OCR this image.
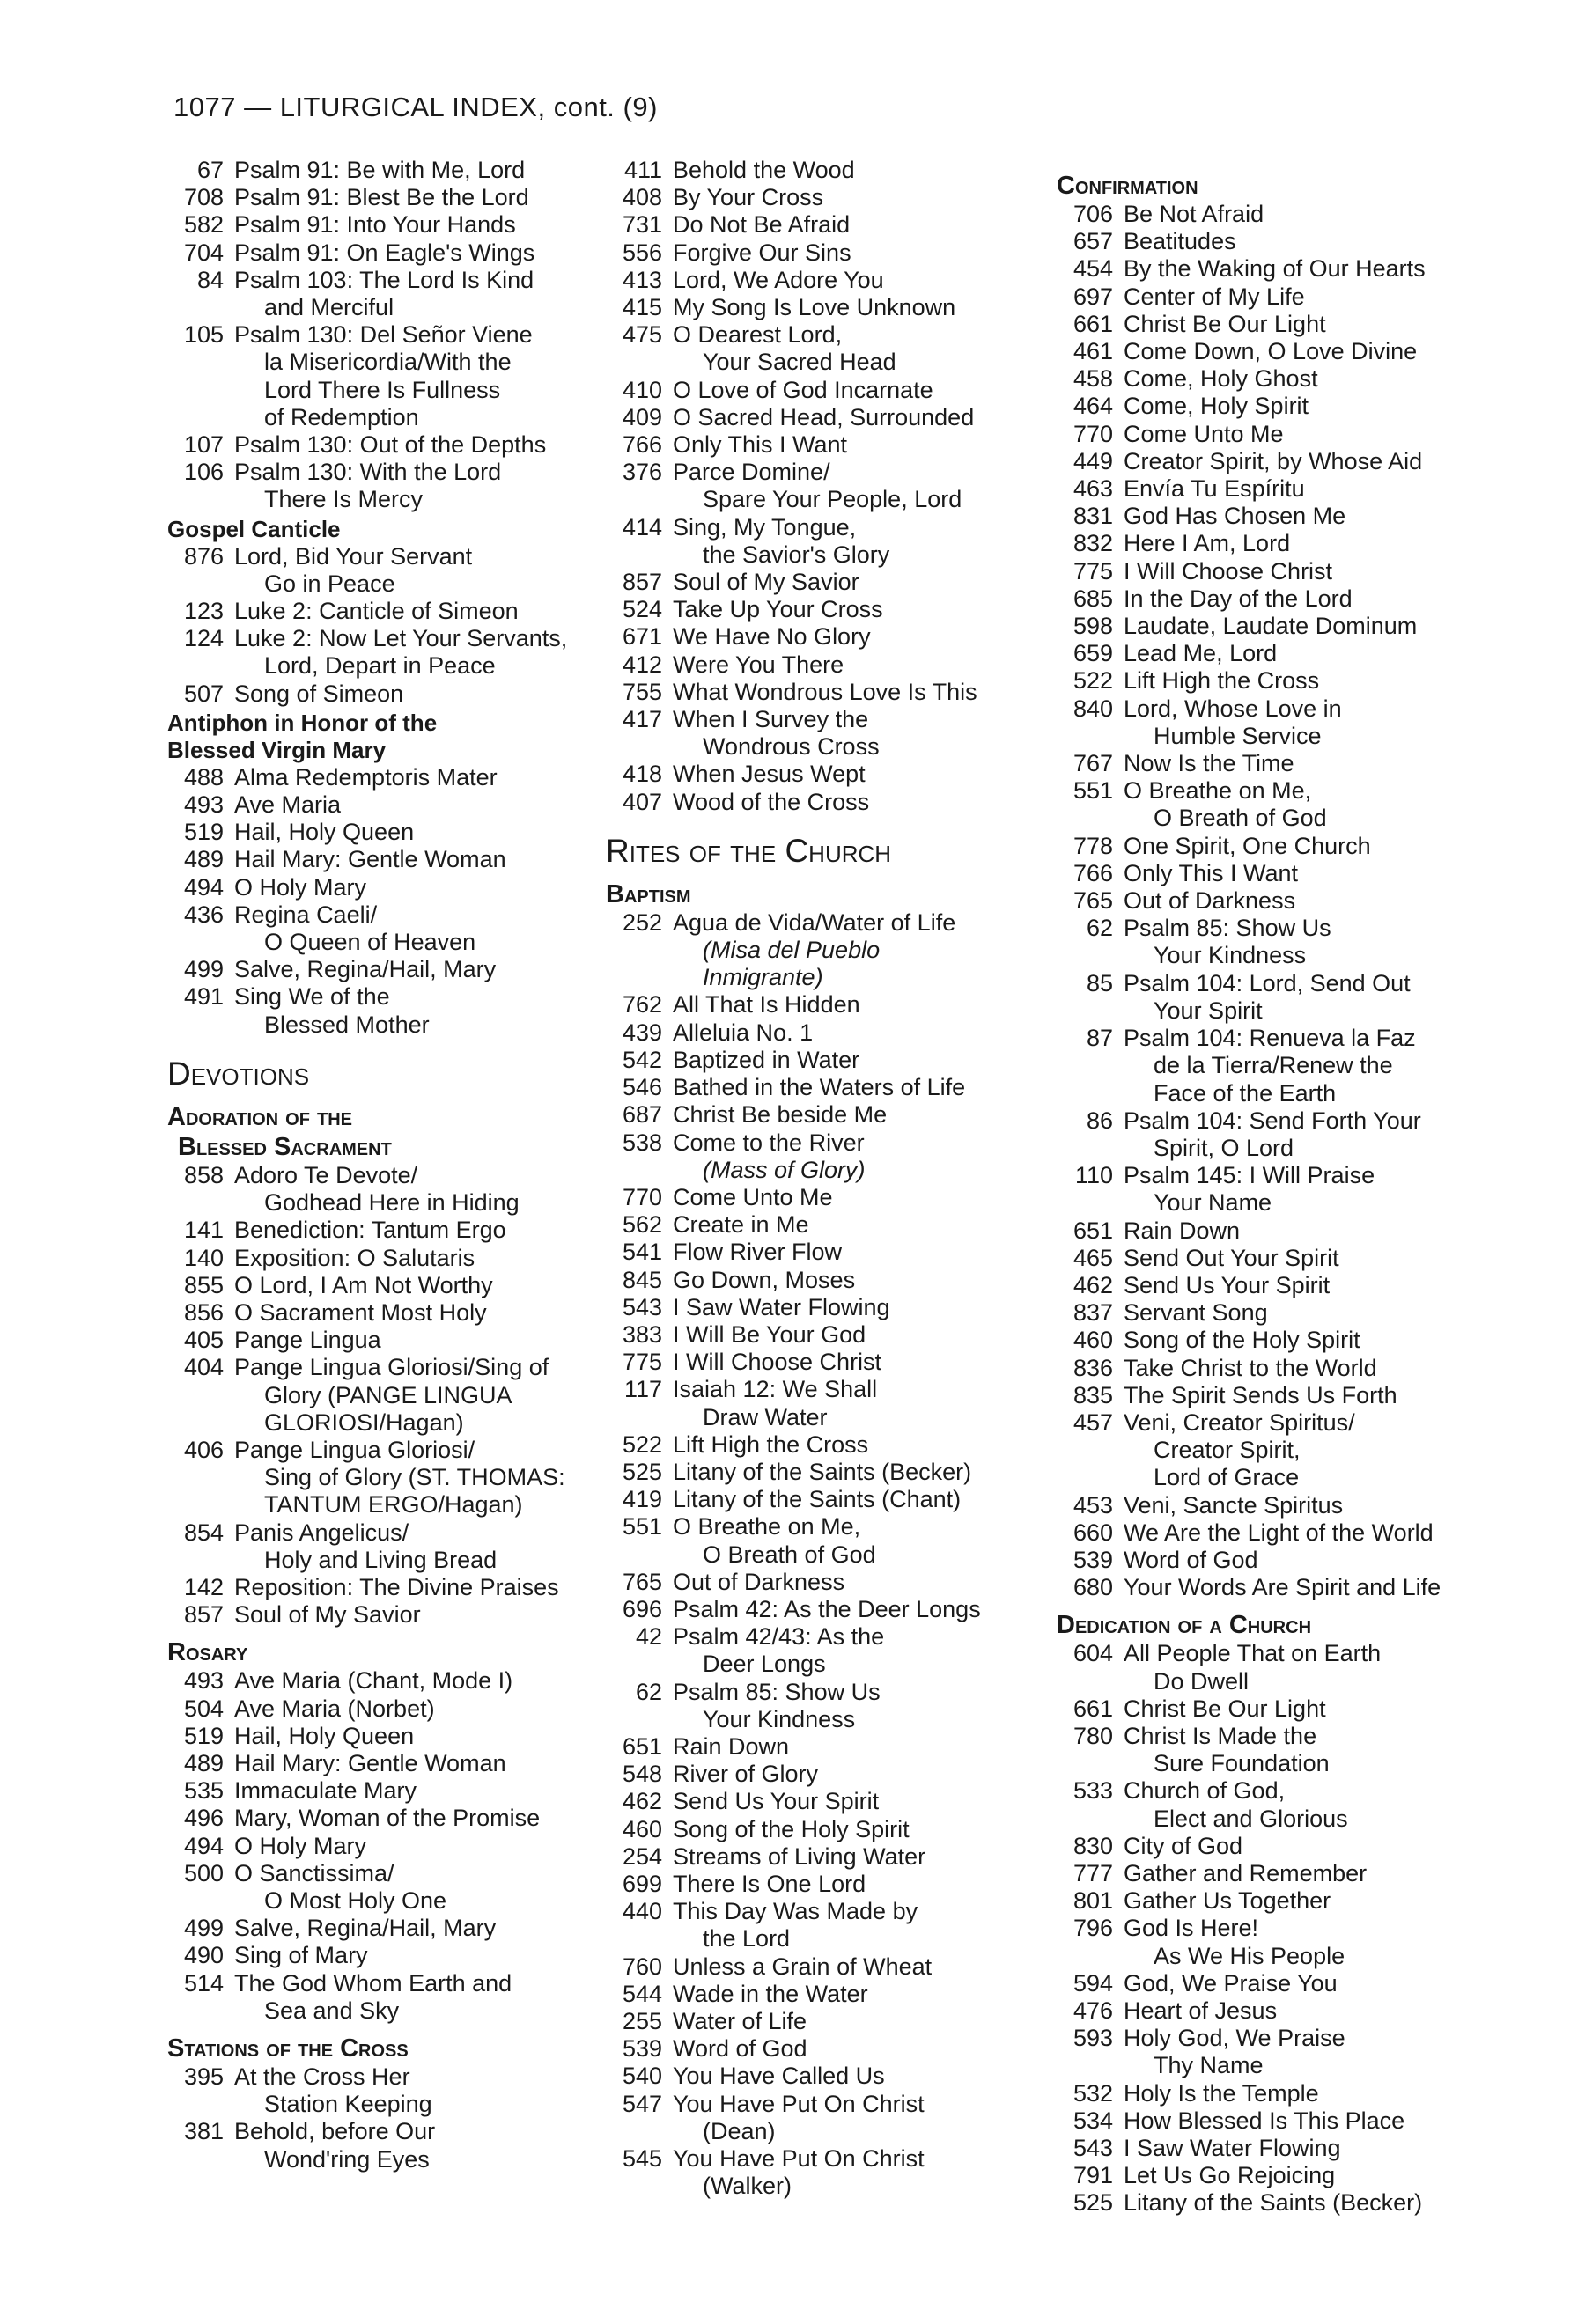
1077 — LITURGICAL INDEX, cont. (9)
67 Psalm 91: Be with Me, Lord
708 Psalm 91: Blest Be the Lord
582 Psalm 91: Into Your Hands
704 Psalm 91: On Eagle's Wings
84 Psalm 103: The Lord Is Kind
and Merciful
105 Psalm 130: Del Señor Viene
la Misericordia/With the
Lord There Is Fullness
of Redemption
107 Psalm 130: Out of the Depths
106 Psalm 130: With the Lord
There Is Mercy
Gospel Canticle
876 Lord, Bid Your Servant
Go in Peace
123 Luke 2: Canticle of Simeon
124 Luke 2: Now Let Your Servants,
Lord, Depart in Peace
507 Song of Simeon
Antiphon in Honor of the
Blessed Virgin Mary
488 Alma Redemptoris Mater
493 Ave Maria
519 Hail, Holy Queen
489 Hail Mary: Gentle Woman
494 O Holy Mary
436 Regina Caeli/
O Queen of Heaven
499 Salve, Regina/Hail, Mary
491 Sing We of the
Blessed Mother
Devotions
Adoration of the
Blessed Sacrament
858 Adoro Te Devote/
Godhead Here in Hiding
141 Benediction: Tantum Ergo
140 Exposition: O Salutaris
855 O Lord, I Am Not Worthy
856 O Sacrament Most Holy
405 Pange Lingua
404 Pange Lingua Gloriosi/Sing of
Glory (PANGE LINGUA
GLORIOSI/Hagan)
406 Pange Lingua Gloriosi/
Sing of Glory (ST. THOMAS:
TANTUM ERGO/Hagan)
854 Panis Angelicus/
Holy and Living Bread
142 Reposition: The Divine Praises
857 Soul of My Savior
Rosary
493 Ave Maria (Chant, Mode I)
504 Ave Maria (Norbet)
519 Hail, Holy Queen
489 Hail Mary: Gentle Woman
535 Immaculate Mary
496 Mary, Woman of the Promise
494 O Holy Mary
500 O Sanctissima/
O Most Holy One
499 Salve, Regina/Hail, Mary
490 Sing of Mary
514 The God Whom Earth and
Sea and Sky
Stations of the Cross
395 At the Cross Her
Station Keeping
381 Behold, before Our
Wond'ring Eyes
411 Behold the Wood
408 By Your Cross
731 Do Not Be Afraid
556 Forgive Our Sins
413 Lord, We Adore You
415 My Song Is Love Unknown
475 O Dearest Lord,
Your Sacred Head
410 O Love of God Incarnate
409 O Sacred Head, Surrounded
766 Only This I Want
376 Parce Domine/
Spare Your People, Lord
414 Sing, My Tongue,
the Savior's Glory
857 Soul of My Savior
524 Take Up Your Cross
671 We Have No Glory
412 Were You There
755 What Wondrous Love Is This
417 When I Survey the
Wondrous Cross
418 When Jesus Wept
407 Wood of the Cross
Rites of the Church
Baptism
252 Agua de Vida/Water of Life
(Misa del Pueblo
Inmigrante)
762 All That Is Hidden
439 Alleluia No. 1
542 Baptized in Water
546 Bathed in the Waters of Life
687 Christ Be beside Me
538 Come to the River
(Mass of Glory)
770 Come Unto Me
562 Create in Me
541 Flow River Flow
845 Go Down, Moses
543 I Saw Water Flowing
383 I Will Be Your God
775 I Will Choose Christ
117 Isaiah 12: We Shall
Draw Water
522 Lift High the Cross
525 Litany of the Saints (Becker)
419 Litany of the Saints (Chant)
551 O Breathe on Me,
O Breath of God
765 Out of Darkness
696 Psalm 42: As the Deer Longs
42 Psalm 42/43: As the
Deer Longs
62 Psalm 85: Show Us
Your Kindness
651 Rain Down
548 River of Glory
462 Send Us Your Spirit
460 Song of the Holy Spirit
254 Streams of Living Water
699 There Is One Lord
440 This Day Was Made by
the Lord
760 Unless a Grain of Wheat
544 Wade in the Water
255 Water of Life
539 Word of God
540 You Have Called Us
547 You Have Put On Christ
(Dean)
545 You Have Put On Christ
(Walker)
Confirmation
706 Be Not Afraid
657 Beatitudes
454 By the Waking of Our Hearts
697 Center of My Life
661 Christ Be Our Light
461 Come Down, O Love Divine
458 Come, Holy Ghost
464 Come, Holy Spirit
770 Come Unto Me
449 Creator Spirit, by Whose Aid
463 Envía Tu Espíritu
831 God Has Chosen Me
832 Here I Am, Lord
775 I Will Choose Christ
685 In the Day of the Lord
598 Laudate, Laudate Dominum
659 Lead Me, Lord
522 Lift High the Cross
840 Lord, Whose Love in
Humble Service
767 Now Is the Time
551 O Breathe on Me,
O Breath of God
778 One Spirit, One Church
766 Only This I Want
765 Out of Darkness
62 Psalm 85: Show Us
Your Kindness
85 Psalm 104: Lord, Send Out
Your Spirit
87 Psalm 104: Renueva la Faz
de la Tierra/Renew the
Face of the Earth
86 Psalm 104: Send Forth Your
Spirit, O Lord
110 Psalm 145: I Will Praise
Your Name
651 Rain Down
465 Send Out Your Spirit
462 Send Us Your Spirit
837 Servant Song
460 Song of the Holy Spirit
836 Take Christ to the World
835 The Spirit Sends Us Forth
457 Veni, Creator Spiritus/
Creator Spirit,
Lord of Grace
453 Veni, Sancte Spiritus
660 We Are the Light of the World
539 Word of God
680 Your Words Are Spirit and Life
Dedication of a Church
604 All People That on Earth
Do Dwell
661 Christ Be Our Light
780 Christ Is Made the
Sure Foundation
533 Church of God,
Elect and Glorious
830 City of God
777 Gather and Remember
801 Gather Us Together
796 God Is Here!
As We His People
594 God, We Praise You
476 Heart of Jesus
593 Holy God, We Praise
Thy Name
532 Holy Is the Temple
534 How Blessed Is This Place
543 I Saw Water Flowing
791 Let Us Go Rejoicing
525 Litany of the Saints (Becker)
